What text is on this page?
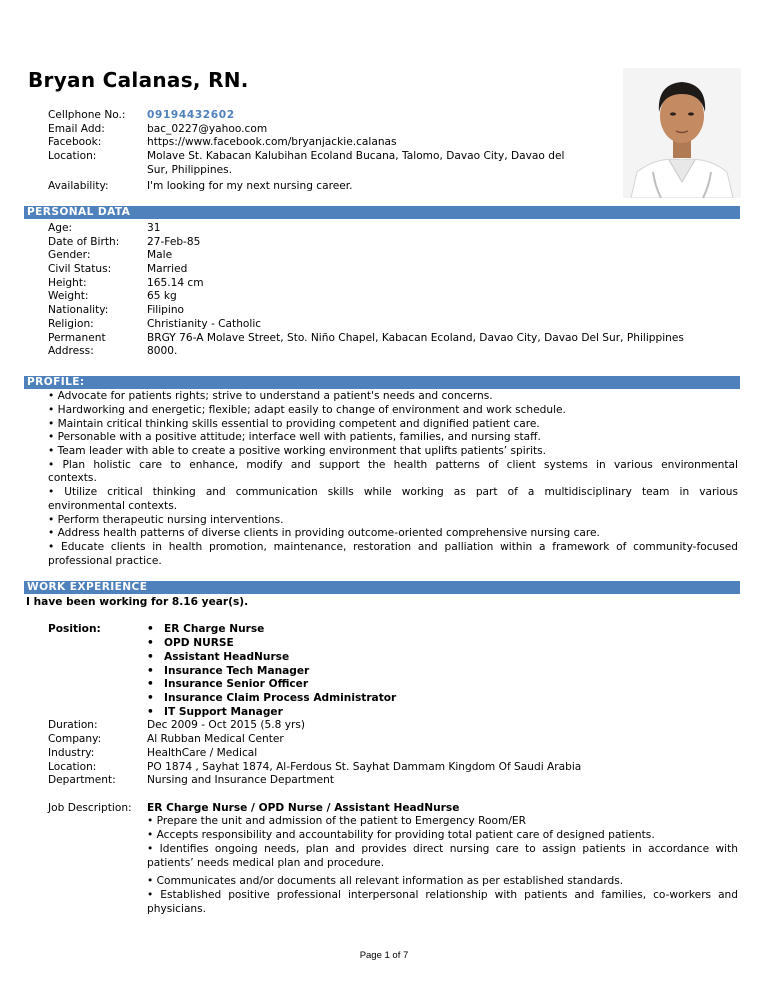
Bryan Calanas, RN.
Cellphone No.: 09194432602
Email Add:	bac_0227@yahoo.com
Facebook:	https://www.facebook.com/bryanjackie.calanas
Location:	Molave St. Kabacan Kalubihan Ecoland Bucana, Talomo, Davao City, Davao del
Sur, Philippines.
Availability:	I'm looking for my next nursing career.
PERSONAL DATA
Age:	31
Date of Birth:	27-Feb-85
Gender:	Male
Civil Status:	Married
Height:	165.14 cm
Weight:	65 kg
Nationality:	Filipino
Religion:	Christianity - Catholic
Permanent	BRGY 76-A Molave Street, Sto. Niño Chapel, Kabacan Ecoland, Davao City, Davao Del Sur, Philippines
Address:	8000.
PROFILE:
• Advocate for patients rights; strive to understand a patient's needs and concerns.
• Hardworking and energetic; flexible; adapt easily to change of environment and work schedule.
• Maintain critical thinking skills essential to providing competent and dignified patient care.
• Personable with a positive attitude; interface well with patients, families, and nursing staff.
• Team leader with able to create a positive working environment that uplifts patients’ spirits.
• Plan holistic care to enhance, modify and support the health patterns of client systems in various environmental
contexts.
• Utilize critical thinking and communication skills while working as part of a multidisciplinary team in various
environmental contexts.
• Perform therapeutic nursing interventions.
• Address health patterns of diverse clients in providing outcome-oriented comprehensive nursing care.
• Educate clients in health promotion, maintenance, restoration and palliation within a framework of community-focused
professional practice.
WORK EXPERIENCE
I have been working for 8.16 year(s).
Position:	• ER Charge Nurse
• OPD NURSE
• Assistant HeadNurse
• Insurance Tech Manager
• Insurance Senior Officer
• Insurance Claim Process Administrator
• IT Support Manager
Duration:	Dec 2009 - Oct 2015 (5.8 yrs)
Company:	Al Rubban Medical Center
Industry:	HealthCare / Medical
Location:	PO 1874 , Sayhat 1874, Al-Ferdous St. Sayhat Dammam Kingdom Of Saudi Arabia
Department:	Nursing and Insurance Department
Job Description: ER Charge Nurse / OPD Nurse / Assistant HeadNurse
• Prepare the unit and admission of the patient to Emergency Room/ER
• Accepts responsibility and accountability for providing total patient care of designed patients.
• Identifies ongoing needs, plan and provides direct nursing care to assign patients in accordance with
patients’ needs medical plan and procedure.
• Communicates and/or documents all relevant information as per established standards.
• Established positive professional interpersonal relationship with patients and families, co-workers and
physicians.
Page 1 of 7
